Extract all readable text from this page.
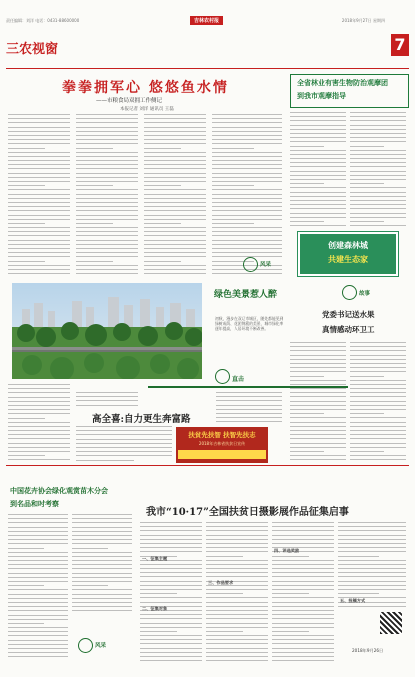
责任编辑：刘洋 电话：0431-88600000	吉林农村报	2018年9月27日 星期四
三农视窗	7
拳拳拥军心 悠悠鱼水情
——市粮食局双拥工作侧记
本报记者 刘洋 通讯员 王磊
全省林业有害生物防治观摩团
到我市观摩指导
创建森林城
共建生态家
风采
绿色美景惹人醉
初秋，漫步在双辽市城区，随处都能见到绿树成荫、花团锦簇的美景，城市绿化率逐年提高，人居环境不断改善。
直击
故事
党委书记送水果
真情感动环卫工
高全喜:自力更生奔富路
扶贫先扶智 扶智先扶志
2018年吉林省扶贫日宣传
中国花卉协会绿化观赏苗木分会
到名品和吋考察
风采
我市“10·17”全国扶贫日摄影展作品征集启事
一、征集主题
二、征集对象
三、作品要求
四、评选奖励
五、投稿方式
2018年9月26日
